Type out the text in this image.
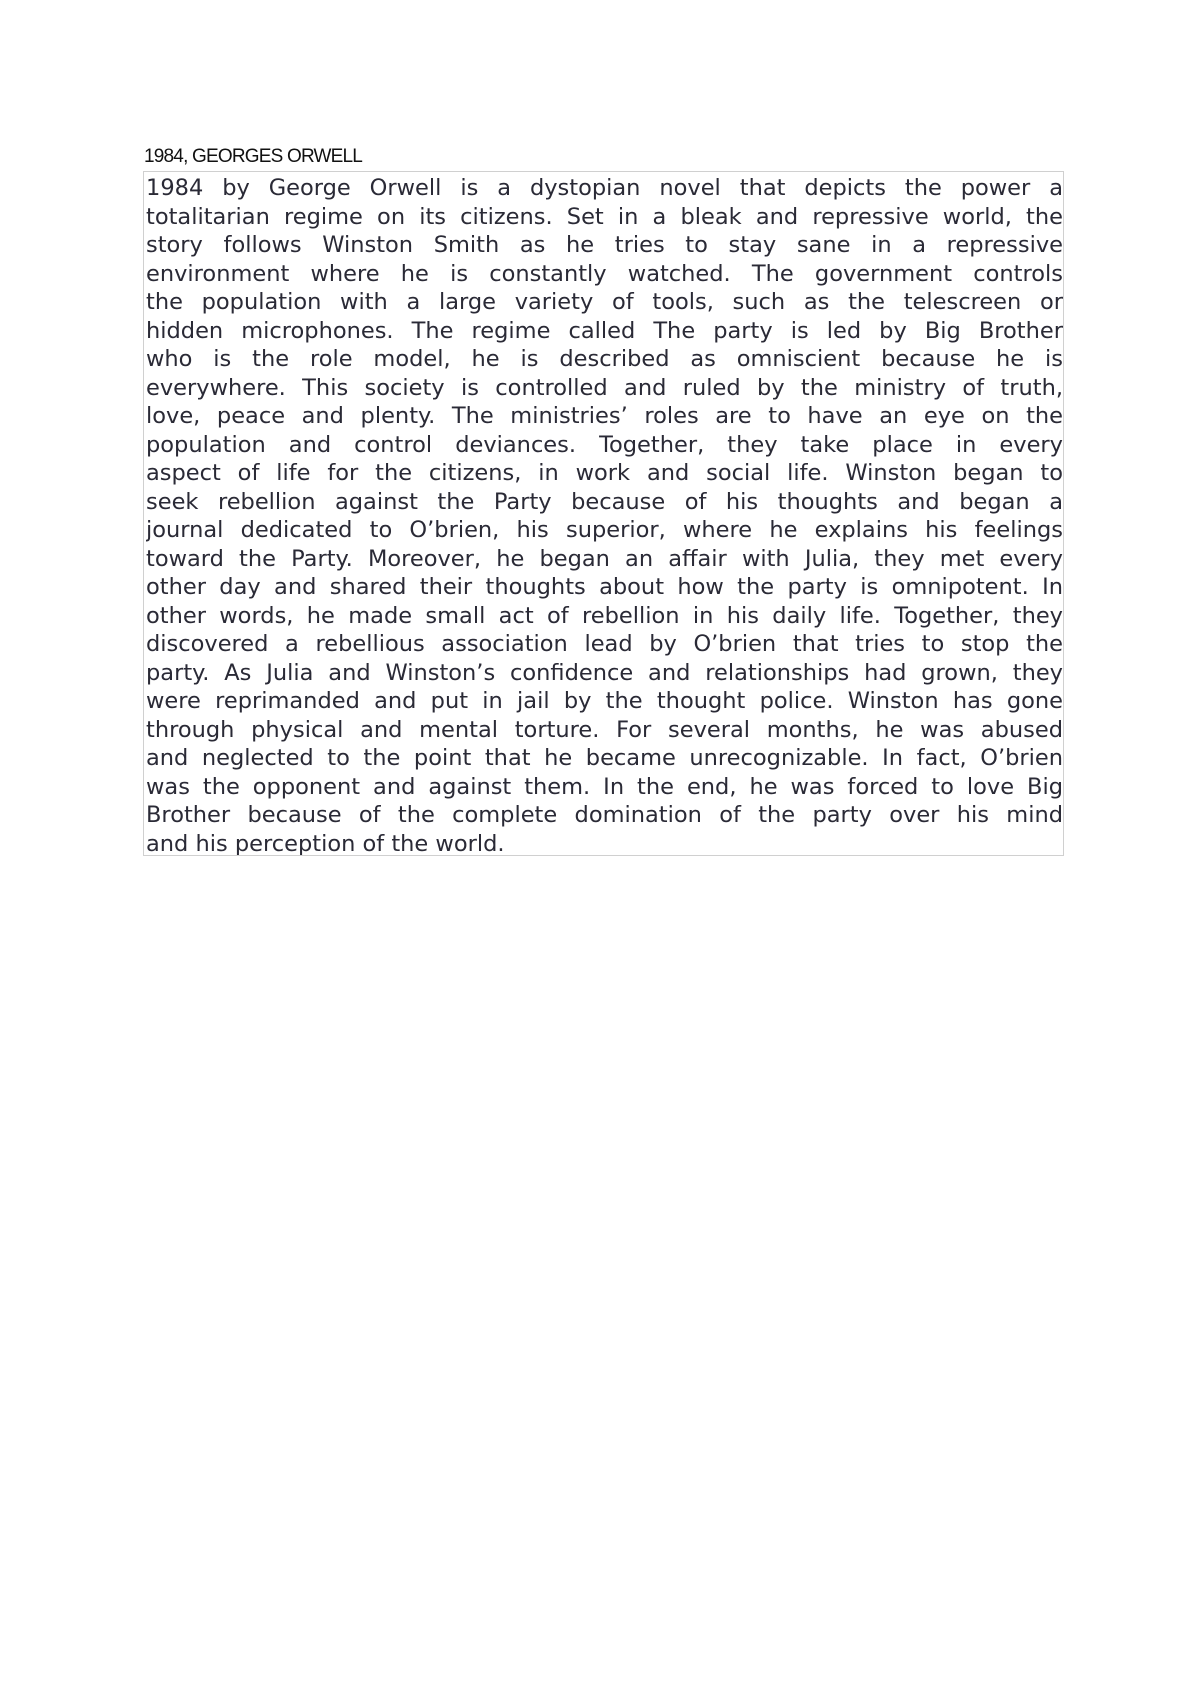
1984, GEORGES ORWELL
1984 by George Orwell is a dystopian novel that depicts the power a
totalitarian regime on its citizens. Set in a bleak and repressive world, the
story follows Winston Smith as he tries to stay sane in a repressive
environment where he is constantly watched. The government controls
the population with a large variety of tools, such as the telescreen or
hidden microphones. The regime called The party is led by Big Brother
who is the role model, he is described as omniscient because he is
everywhere. This society is controlled and ruled by the ministry of truth,
love, peace and plenty. The ministries’ roles are to have an eye on the
population and control deviances. Together, they take place in every
aspect of life for the citizens, in work and social life. Winston began to
seek rebellion against the Party because of his thoughts and began a
journal dedicated to O’brien, his superior, where he explains his feelings
toward the Party. Moreover, he began an affair with Julia, they met every
other day and shared their thoughts about how the party is omnipotent. In
other words, he made small act of rebellion in his daily life. Together, they
discovered a rebellious association lead by O’brien that tries to stop the
party. As Julia and Winston’s confidence and relationships had grown, they
were reprimanded and put in jail by the thought police. Winston has gone
through physical and mental torture. For several months, he was abused
and neglected to the point that he became unrecognizable. In fact, O’brien
was the opponent and against them. In the end, he was forced to love Big
Brother because of the complete domination of the party over his mind
and his perception of the world.
